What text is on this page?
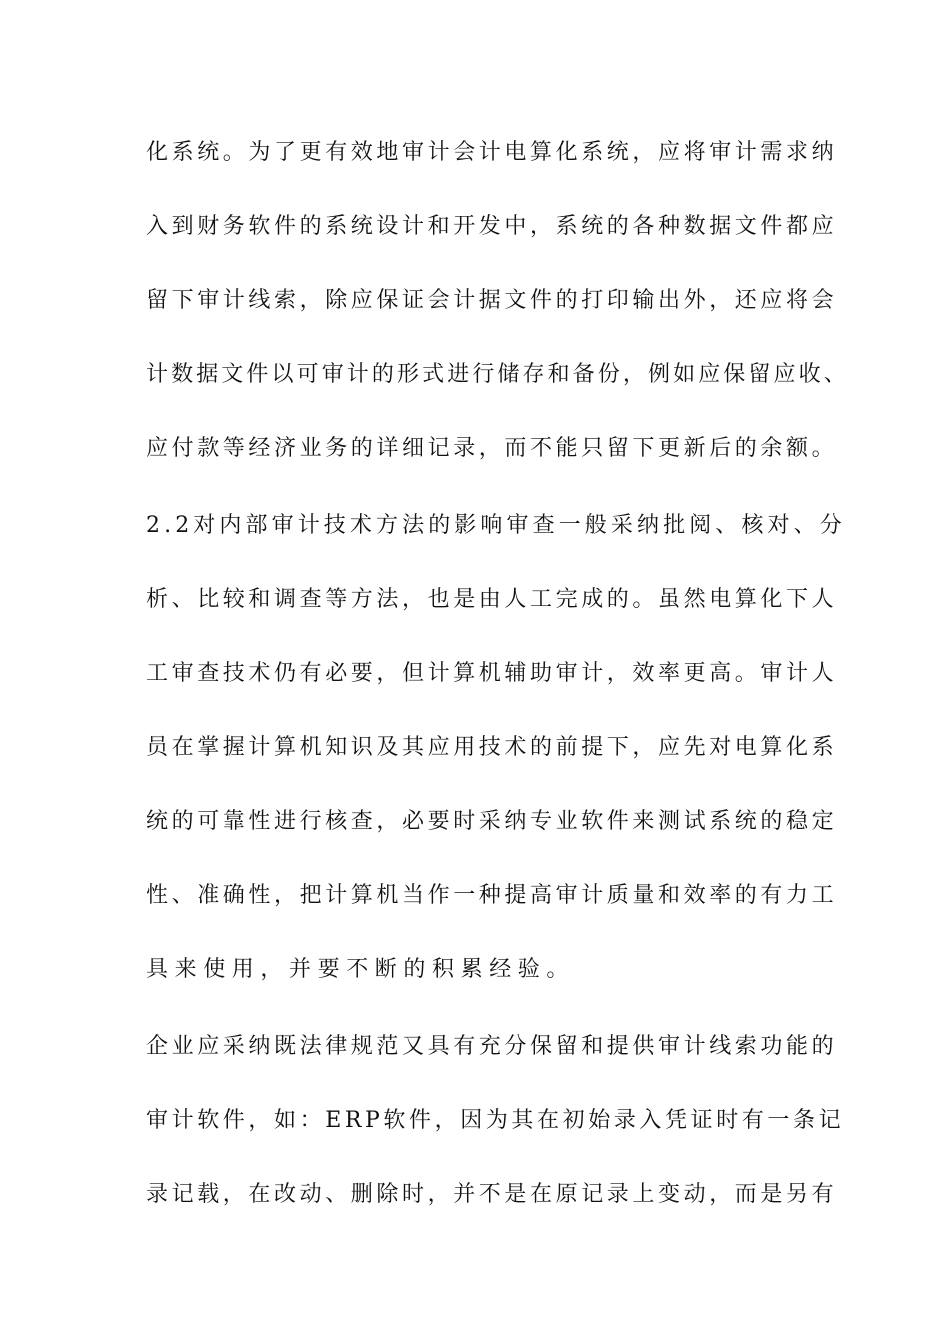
化系统。为了更有效地审计会计电算化系统，应将审计需求纳
入到财务软件的系统设计和开发中，系统的各种数据文件都应
留下审计线索，除应保证会计据文件的打印输出外，还应将会
计数据文件以可审计的形式进行储存和备份，例如应保留应收、
应付款等经济业务的详细记录，而不能只留下更新后的余额。
2.2对内部审计技术方法的影响审查一般采纳批阅、核对、分
析、比较和调查等方法，也是由人工完成的。虽然电算化下人
工审查技术仍有必要，但计算机辅助审计，效率更高。审计人
员在掌握计算机知识及其应用技术的前提下，应先对电算化系
统的可靠性进行核查，必要时采纳专业软件来测试系统的稳定
性、准确性，把计算机当作一种提高审计质量和效率的有力工
具来使用，并要不断的积累经验。
企业应采纳既法律规范又具有充分保留和提供审计线索功能的
审计软件，如：ERP软件，因为其在初始录入凭证时有一条记
录记载，在改动、删除时，并不是在原记录上变动，而是另有
